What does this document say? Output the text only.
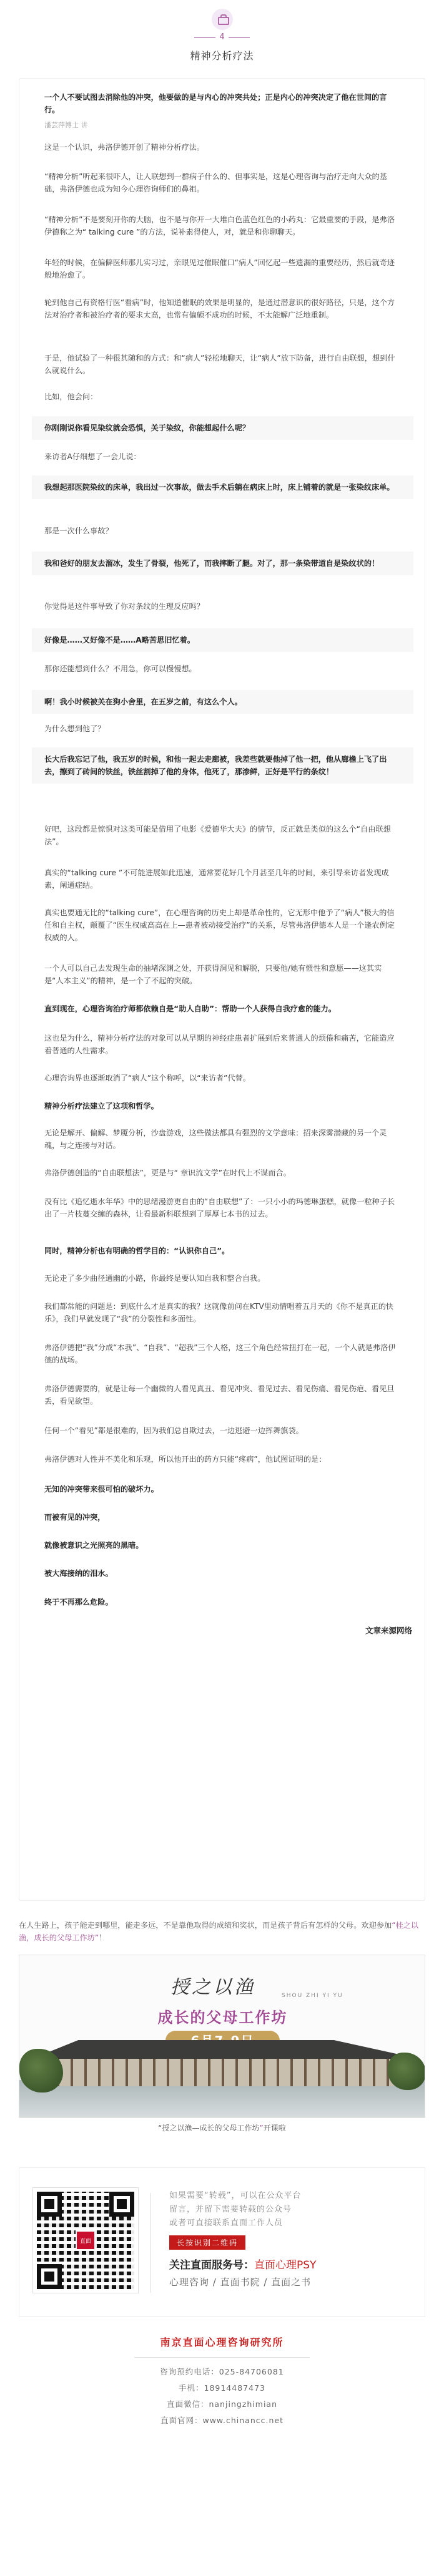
4
精神分析疗法
一个人不要试图去消除他的冲突，他要做的是与内心的冲突共处；正是内心的冲突决定了他在世间的言行。
潘芸萍博士 讲
这是一个认识，弗洛伊德开创了精神分析疗法。
“精神分析”听起来很吓人，让人联想到一群病子什么的、但事实是，这是心理咨询与治疗走向大众的基础，弗洛伊德也成为知今心理咨询师们的鼻祖。
“精神分析”不是要刻开你的大脑，也不是与你开一大堆白色蓝色红色的小药丸：它最重要的手段，是弗洛伊德称之为“ talking cure ”的方法，说补素得使人，对，就是和你聊聊天。
年轻的时候，在偏僻医师那儿实习过，亲眼见过催眠催口“病人”回忆起一些遗漏的重要经历，然后就奇迹般地治愈了。
轮到他自己有资格行医“看病”时，他知道催眠的效果是明显的，是通过潜意识的很好路径，只是，这个方法对治疗者和被治疗者的要求太高，也常有偏颇不成功的时候，不太能解广泛地重制。
于是，他试验了一种很其随和的方式：和“病人”轻松地聊天，让“病人”放下防备，进行自由联想，想到什么就说什么。
比如，他会问：
你刚刚说你看见染纹就会恐惧，关于染纹，你能想起什么呢？
来访者A仔细想了一会儿说：
我想起那医院染纹的床单，我出过一次事故，做去手术后躺在病床上时，床上铺着的就是一张染纹床单。
那是一次什么事故？
我和爸好的朋友去溜冰，发生了骨裂，他死了，而我摔断了腿。对了，那一条染带道自是染纹状的！
你觉得是这件事导致了你对条纹的生理反应吗？
好像是……又好像不是……A略苦思旧忆着。
那你还能想到什么？不用急，你可以慢慢想。
啊！我小时候被关在狗小舍里，在五岁之前，有这么个人。
为什么想到他了？
长大后我忘记了他，我五岁的时候，和他一起去走廊被，我差些就要他掉了他一把，他从廊檐上飞了出去，擦到了砖间的铁丝，铁丝割掉了他的身体，他死了，那渗鲜，正好是平行的条纹！
好吧，这段都是惊惧对这类可能是借用了电影《爱德华大夫》的情节，反正就是类似的这么个“自由联想法”。
真实的“talking cure ”不可能进展如此迅速，通常要花好几个月甚至几年的时间，来引导来访者发现成素，阐通症结。
真实也要通无比的“talking cure”，在心理咨询的历史上却是革命性的，它无形中他予了“病人”极大的信任和自主权，颠覆了“医生权威高高在上—患者被动接受治疗”的关系，尽管弗洛伊德本人是一个逢农例定权威的人。
一个人可以自己去发现生命的抽堵深渊之处，开获得洞见和解脱，只要他/她有惯性和意愿——这其实是“人本主义”的精神，是一个了不起的突破。
直到现在，心理咨询治疗师都依赖自是“助人自助”：帮助一个人获得自我疗愈的能力。
这也是为什么，精神分析疗法的对象可以从早期的神经症患者扩展到后来普通人的烦倦和痛苦，它能造应着普通的人性需求。
心理咨询界也逐渐取消了“病人”这个称呼，以“来访者”代替。
精神分析疗法建立了这项和哲学。
无论是解开、偏解、梦魇分析，沙盘游戏，这些做法都具有强烈的文学意味：招来深雾潜藏的另一个灵魂，与之连接与对话。
弗洛伊德创造的“自由联想法”，更是与“ 章识流文学”在时代上不谋而合。
没有比《追忆逝水年华》中的思绪漫游更自由的“自由联想”了：一只小小的玛德琳蛋糕，就像一粒种子长出了一片枝蔓交缠的森林，让看最新科联想到了厚厚七本书的过去。
同时，精神分析也有明确的哲学目的：“认识你自己”。
无论走了多少曲径通幽的小路，你最终是要认知自我和整合自我。
我们都常能的问题是：到底什么才是真实的我？这就像前问在KTV里动情唱着五月天的《你不是真正的快乐》，我们早就发现了“我”的分裂性和多面性。
弗洛伊德把“我”分成“本我”、“自我”、“超我”三个人格，这三个角色经常扭打在一起，一个人就是弗洛伊德的战场。
弗洛伊德需要的，就是让每一个幽微的人看见真丑、看见冲突、看见过去、看见伤痛、看见伤疤、看见旦丢，看见欲望。
任何一个“看见”都是很难的，因为我们总自欺过去，一边逃避一边挥舞旗袋。
弗洛伊德对人性并不美化和乐观，所以他开出的药方只能“疼病”，他试图证明的是：
无知的冲突带来很可怕的破坏力。
而被有见的冲突，
就像被意识之光照亮的黑暗。
被大海接纳的泪水。
终于不再那么危险。
文章来源网络
在人生路上，孩子能走到哪里，能走多远，不是靠他取得的成绩和奖状，而是孩子背后有怎样的父母。欢迎参加“桂之以渔，成长的父母工作坊”！
授之以渔	SHOU ZHI YI YU
成长的父母工作坊
“授之以渔—成长的父母工作坊”开课啦
直面
如果需要“转载”，可以在公众平台
留言，并留下需要转载的公众号
或者可直接联系直面工作人员
长按识别二维码
关注直面服务号：直面心理PSY
心理咨询 / 直面书院 / 直面之书
南京直面心理咨询研究所
咨询预约电话：025-84706081
手机：18914487473
直面微信：nanjingzhimian
直面官网：www.chinancc.net
